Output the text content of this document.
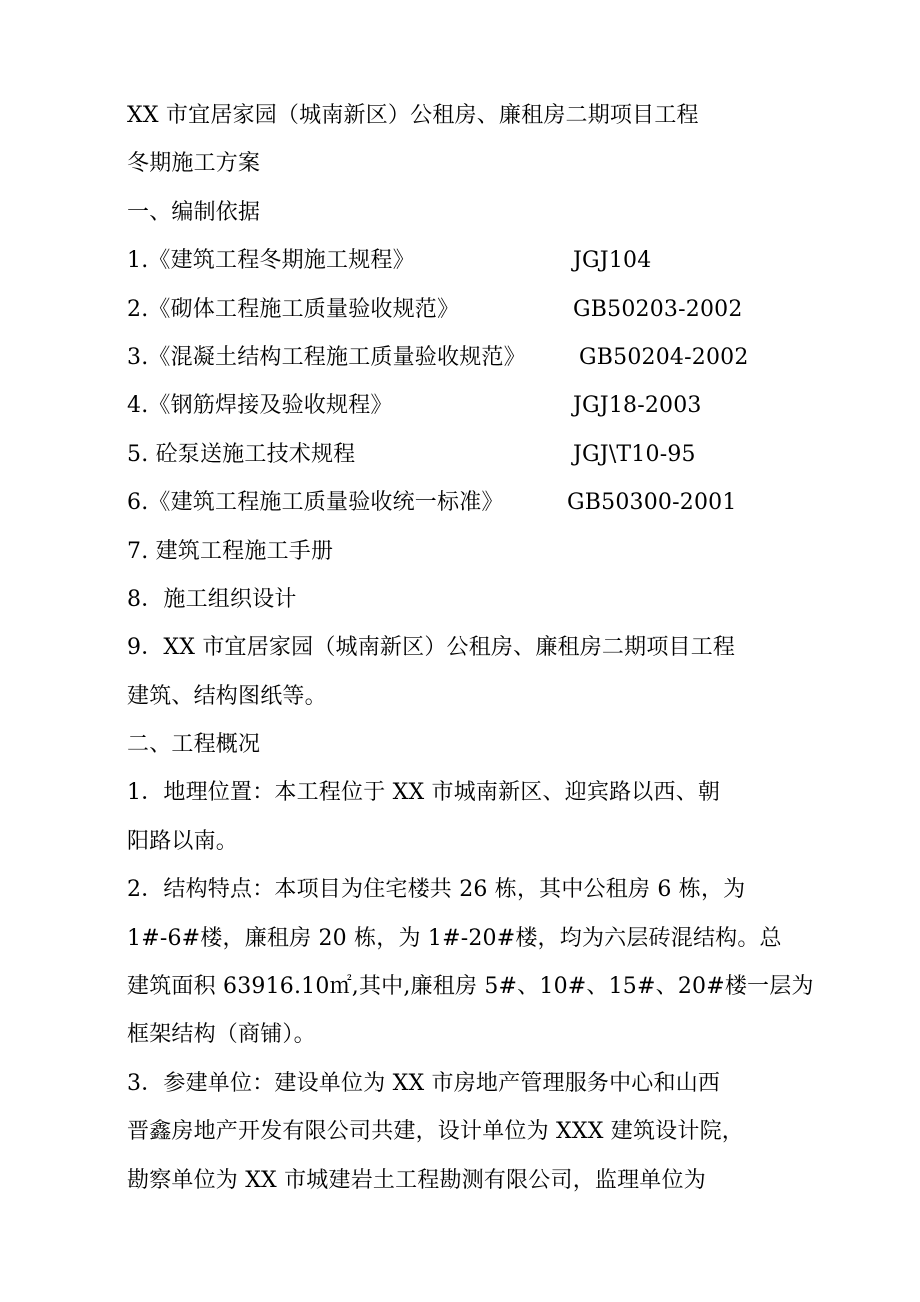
XX 市宜居家园（城南新区）公租房、廉租房二期项目工程
冬期施工方案
一、编制依据
1.《建筑工程冬期施工规程》	JGJ104
2.《砌体工程施工质量验收规范》	GB50203-2002
3.《混凝土结构工程施工质量验收规范》 GB50204-2002
4.《钢筋焊接及验收规程》	JGJ18-2003
5. 砼泵送施工技术规程	JGJ\T10-95
6.《建筑工程施工质量验收统一标准》	GB50300-2001
7. 建筑工程施工手册
8．施工组织设计
9．XX 市宜居家园（城南新区）公租房、廉租房二期项目工程
建筑、结构图纸等。
二、工程概况
1．地理位置：本工程位于 XX 市城南新区、迎宾路以西、朝
阳路以南。
2．结构特点：本项目为住宅楼共 26 栋，其中公租房 6 栋，为
1#-6#楼，廉租房 20 栋，为 1#-20#楼，均为六层砖混结构。总
建筑面积 63916.10㎡,其中,廉租房 5#、10#、15#、20#楼一层为
框架结构（商铺）。
3．参建单位：建设单位为 XX 市房地产管理服务中心和山西
晋鑫房地产开发有限公司共建，设计单位为 XXX 建筑设计院，
勘察单位为 XX 市城建岩土工程勘测有限公司，监理单位为
